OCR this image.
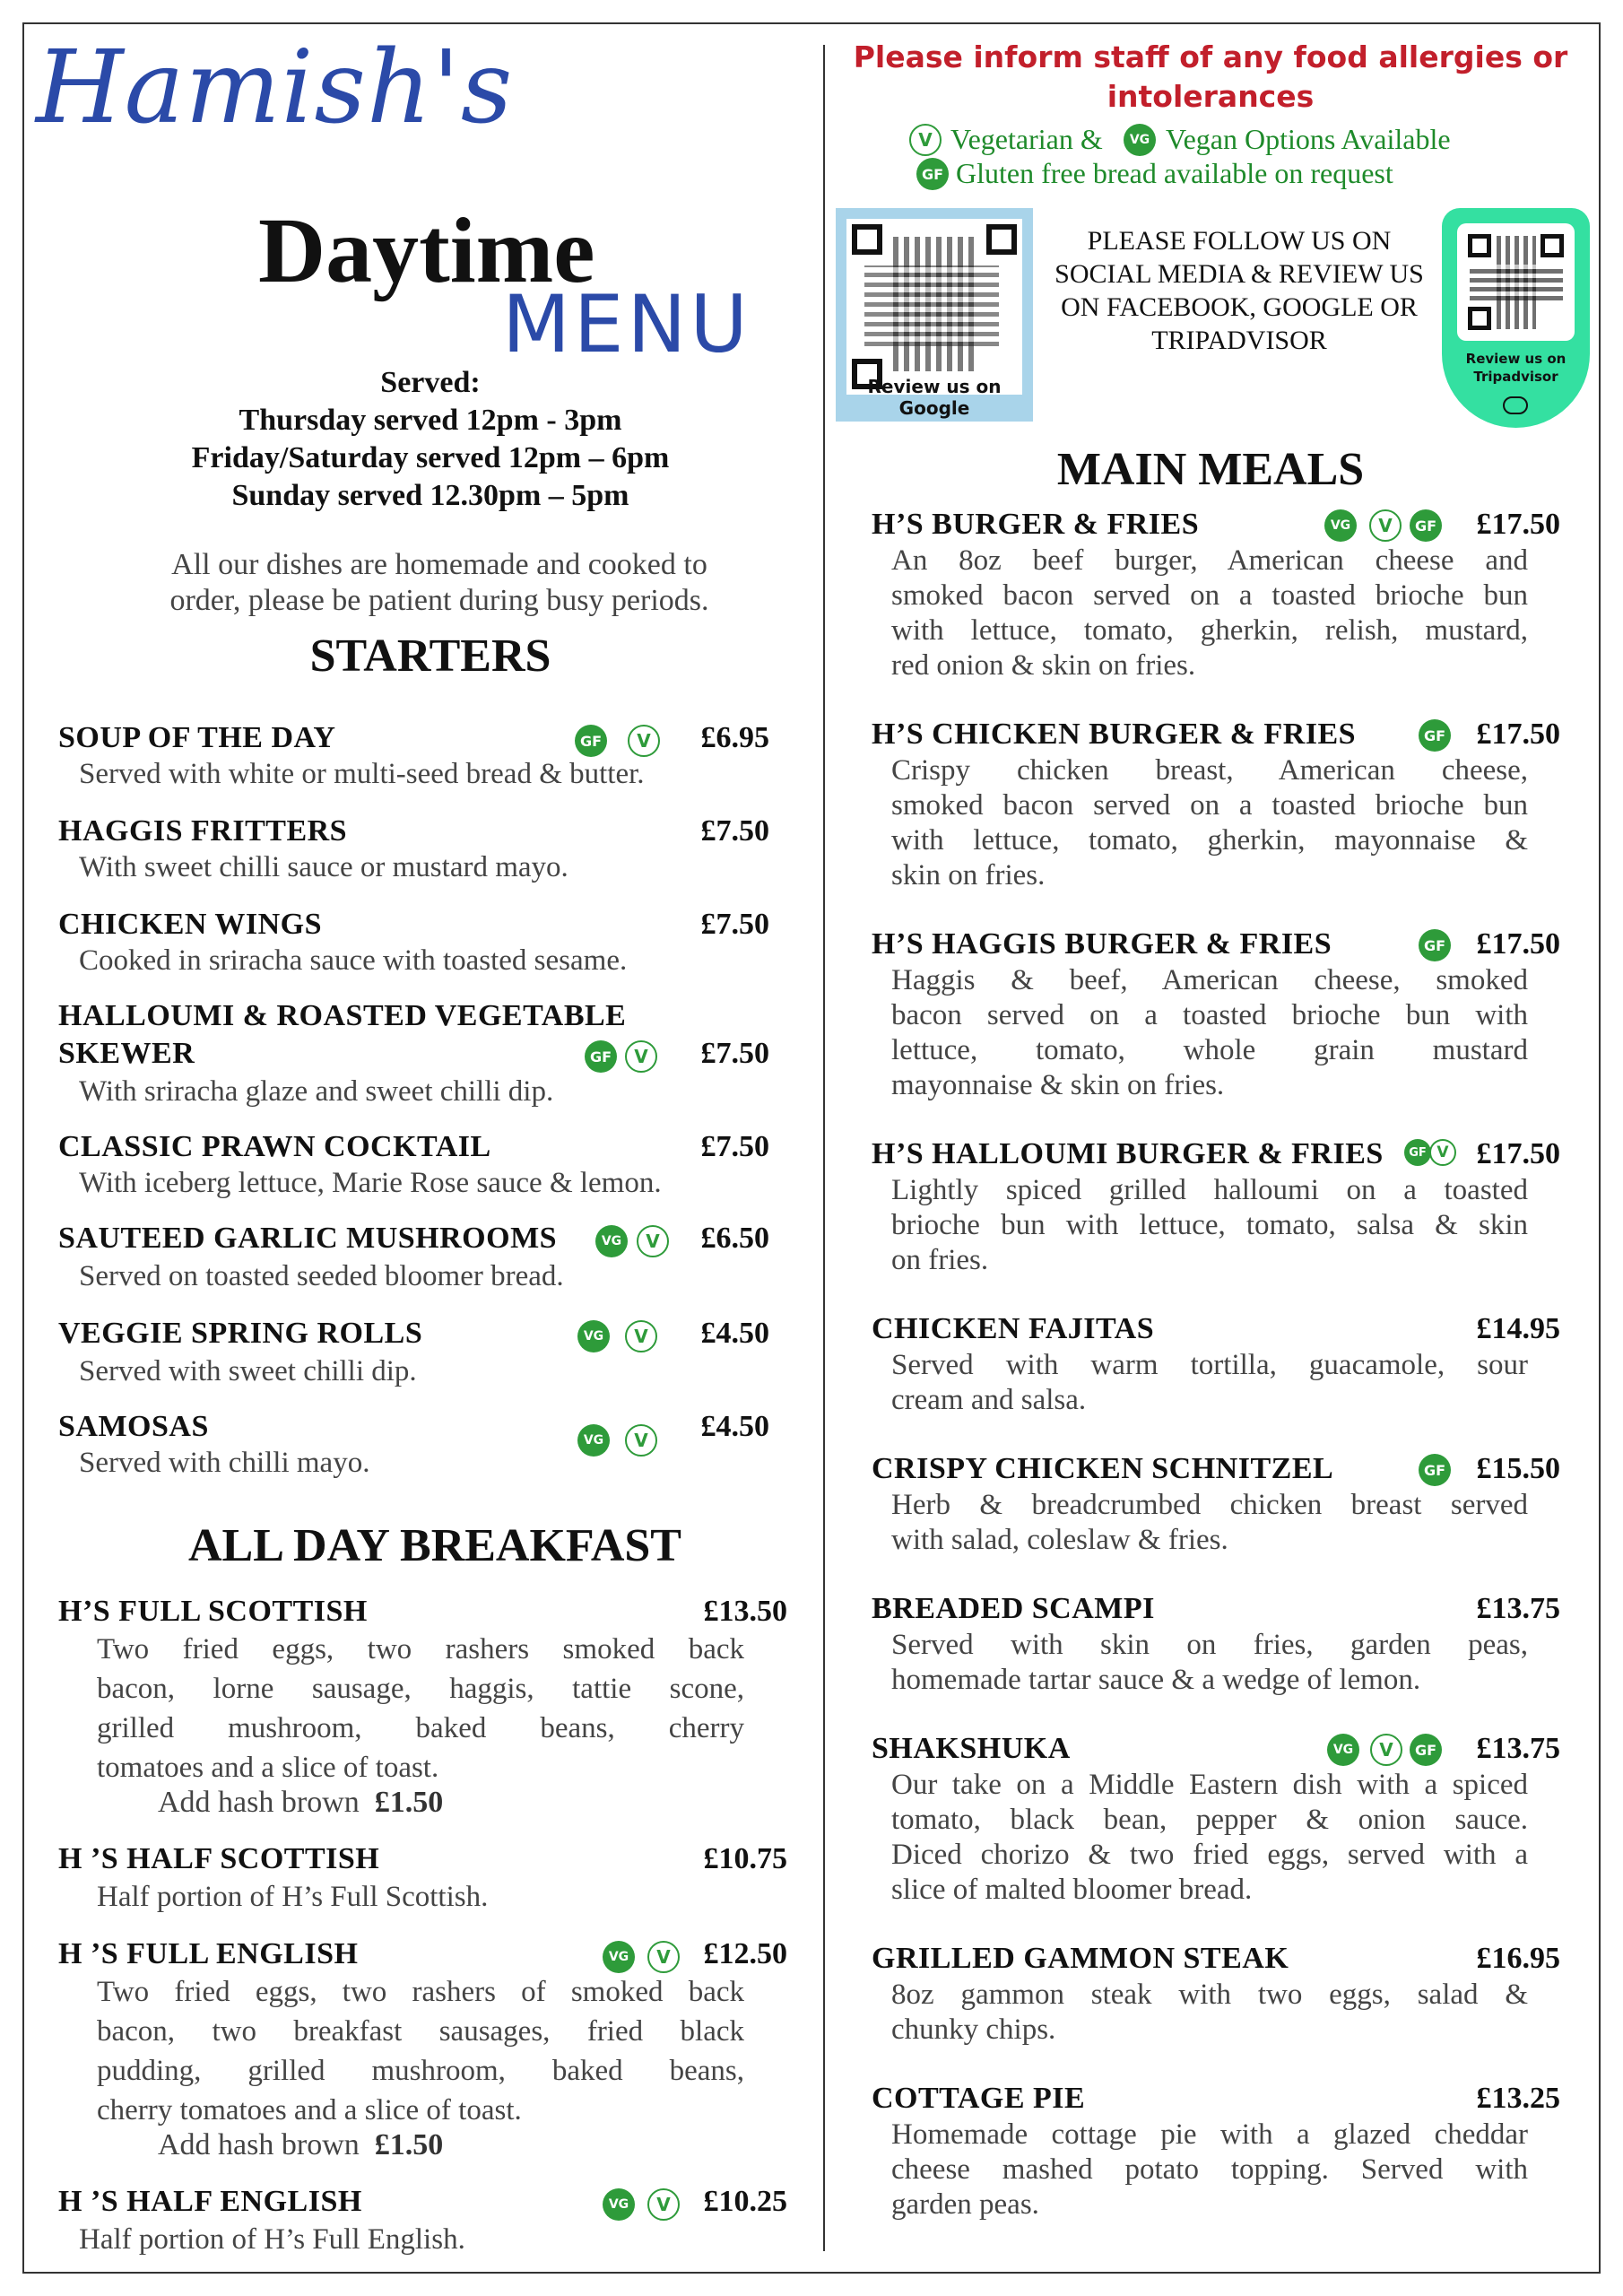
Hamish's
Daytime
MENU
Served:
Thursday served 12pm - 3pm
Friday/Saturday served 12pm – 6pm
Sunday served 12.30pm – 5pm
All our dishes are homemade and cooked to
order, please be patient during busy periods.
STARTERS
SOUP OF THE DAY	GF	V	£6.95
Served with white or multi-seed bread & butter.
HAGGIS FRITTERS	£7.50
With sweet chilli sauce or mustard mayo.
CHICKEN WINGS	£7.50
Cooked in sriracha sauce with toasted sesame.
HALLOUMI & ROASTED VEGETABLE
SKEWER	GF	V	£7.50
With sriracha glaze and sweet chilli dip.
CLASSIC PRAWN COCKTAIL	£7.50
With iceberg lettuce, Marie Rose sauce & lemon.
SAUTEED GARLIC MUSHROOMS	VG	V	£6.50
Served on toasted seeded bloomer bread.
VEGGIE SPRING ROLLS	VG	V	£4.50
Served with sweet chilli dip.
SAMOSAS	VG	V	£4.50
Served with chilli mayo.
ALL DAY BREAKFAST
H’S FULL SCOTTISH	£13.50
Two fried eggs, two rashers smoked back
bacon, lorne sausage, haggis, tattie scone,
grilled mushroom, baked beans, cherry
tomatoes and a slice of toast.
Add hash brown £1.50
H ’S HALF SCOTTISH	£10.75
Half portion of H’s Full Scottish.
H ’S FULL ENGLISH	VG	V	£12.50
Two fried eggs, two rashers of smoked back
bacon, two breakfast sausages, fried black
pudding, grilled mushroom, baked beans,
cherry tomatoes and a slice of toast.
Add hash brown £1.50
H ’S HALF ENGLISH	VG	V	£10.25
Half portion of H’s Full English.
Please inform staff of any food allergies or
intolerances
V Vegetarian &	VG Vegan Options Available
GF Gluten free bread available on request
Review us on Google
PLEASE FOLLOW US ON
SOCIAL MEDIA & REVIEW US
ON FACEBOOK, GOOGLE OR
TRIPADVISOR
Review us on
Tripadvisor
MAIN MEALS
H’S BURGER & FRIES	VG	V	GF £17.50
An 8oz beef burger, American cheese and
smoked bacon served on a toasted brioche bun
with lettuce, tomato, gherkin, relish, mustard,
red onion & skin on fries.
H’S CHICKEN BURGER & FRIES	GF £17.50
Crispy chicken breast, American cheese,
smoked bacon served on a toasted brioche bun
with lettuce, tomato, gherkin, mayonnaise &
skin on fries.
H’S HAGGIS BURGER & FRIES	GF £17.50
Haggis & beef, American cheese, smoked
bacon served on a toasted brioche bun with
lettuce, tomato, whole grain mustard
mayonnaise & skin on fries.
H’S HALLOUMI BURGER & FRIES	GF V £17.50
Lightly spiced grilled halloumi on a toasted
brioche bun with lettuce, tomato, salsa & skin
on fries.
CHICKEN FAJITAS	£14.95
Served with warm tortilla, guacamole, sour
cream and salsa.
CRISPY CHICKEN SCHNITZEL	GF £15.50
Herb & breadcrumbed chicken breast served
with salad, coleslaw & fries.
BREADED SCAMPI	£13.75
Served with skin on fries, garden peas,
homemade tartar sauce & a wedge of lemon.
SHAKSHUKA	VG	V	GF £13.75
Our take on a Middle Eastern dish with a spiced
tomato, black bean, pepper & onion sauce.
Diced chorizo & two fried eggs, served with a
slice of malted bloomer bread.
GRILLED GAMMON STEAK	£16.95
8oz gammon steak with two eggs, salad &
chunky chips.
COTTAGE PIE	£13.25
Homemade cottage pie with a glazed cheddar
cheese mashed potato topping. Served with
garden peas.
